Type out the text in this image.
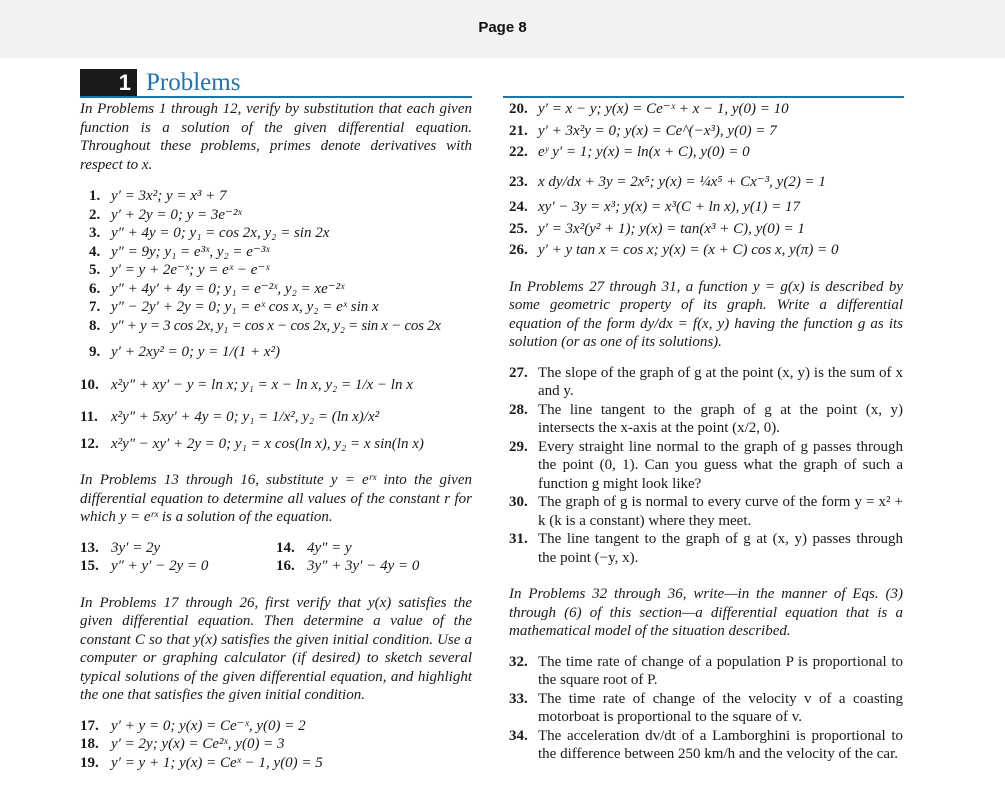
Page 8
1 Problems

In Problems 1 through 12, verify by substitution that each given function is a solution of the given differential equation. Throughout these problems, primes denote derivatives with respect to x.

1. y′ = 3x²; y = x³ + 7
2. y′ + 2y = 0; y = 3e⁻²ˣ
3. y″ + 4y = 0; y₁ = cos 2x, y₂ = sin 2x
4. y″ = 9y; y₁ = e³ˣ, y₂ = e⁻³ˣ
5. y′ = y + 2e⁻ˣ; y = eˣ − e⁻ˣ
6. y″ + 4y′ + 4y = 0; y₁ = e⁻²ˣ, y₂ = xe⁻²ˣ
7. y″ − 2y′ + 2y = 0; y₁ = eˣ cos x, y₂ = eˣ sin x
8. y″ + y = 3 cos 2x, y₁ = cos x − cos 2x, y₂ = sin x − cos 2x
9. y′ + 2xy² = 0; y = 1/(1 + x²)
10. x²y″ + xy′ − y = ln x; y₁ = x − ln x, y₂ = 1/x − ln x
11. x²y″ + 5xy′ + 4y = 0; y₁ = 1/x², y₂ = (ln x)/x²
12. x²y″ − xy′ + 2y = 0; y₁ = x cos(ln x), y₂ = x sin(ln x)

In Problems 13 through 16, substitute y = eʳˣ into the given differential equation to determine all values of the constant r for which y = eʳˣ is a solution of the equation.

13. 3y′ = 2y
15. y″ + y′ − 2y = 0
14. 4y″ = y
16. 3y″ + 3y′ − 4y = 0

In Problems 17 through 26, first verify that y(x) satisfies the given differential equation. Then determine a value of the constant C so that y(x) satisfies the given initial condition. Use a computer or graphing calculator (if desired) to sketch several typical solutions of the given differential equation, and highlight the one that satisfies the given initial condition.

17. y′ + y = 0; y(x) = Ce⁻ˣ, y(0) = 2
18. y′ = 2y; y(x) = Ce²ˣ, y(0) = 3
19. y′ = y + 1; y(x) = Ceˣ − 1, y(0) = 5
20. y′ = x − y; y(x) = Ce⁻ˣ + x − 1, y(0) = 10
21. y′ + 3x²y = 0; y(x) = Ce^(−x³), y(0) = 7
22. eʸ y′ = 1; y(x) = ln(x + C), y(0) = 0
23. x dy/dx + 3y = 2x⁵; y(x) = ¼x⁵ + Cx⁻³, y(2) = 1
24. xy′ − 3y = x³; y(x) = x³(C + ln x), y(1) = 17
25. y′ = 3x²(y² + 1); y(x) = tan(x³ + C), y(0) = 1
26. y′ + y tan x = cos x; y(x) = (x + C) cos x, y(π) = 0

In Problems 27 through 31, a function y = g(x) is described by some geometric property of its graph. Write a differential equation of the form dy/dx = f(x, y) having the function g as its solution (or as one of its solutions).

27. The slope of the graph of g at the point (x, y) is the sum of x and y.
28. The line tangent to the graph of g at the point (x, y) intersects the x-axis at the point (x/2, 0).
29. Every straight line normal to the graph of g passes through the point (0, 1). Can you guess what the graph of such a function g might look like?
30. The graph of g is normal to every curve of the form y = x² + k (k is a constant) where they meet.
31. The line tangent to the graph of g at (x, y) passes through the point (−y, x).

In Problems 32 through 36, write—in the manner of Eqs. (3) through (6) of this section—a differential equation that is a mathematical model of the situation described.

32. The time rate of change of a population P is proportional to the square root of P.
33. The time rate of change of the velocity v of a coasting motorboat is proportional to the square of v.
34. The acceleration dv/dt of a Lamborghini is proportional to the difference between 250 km/h and the velocity of the car.
